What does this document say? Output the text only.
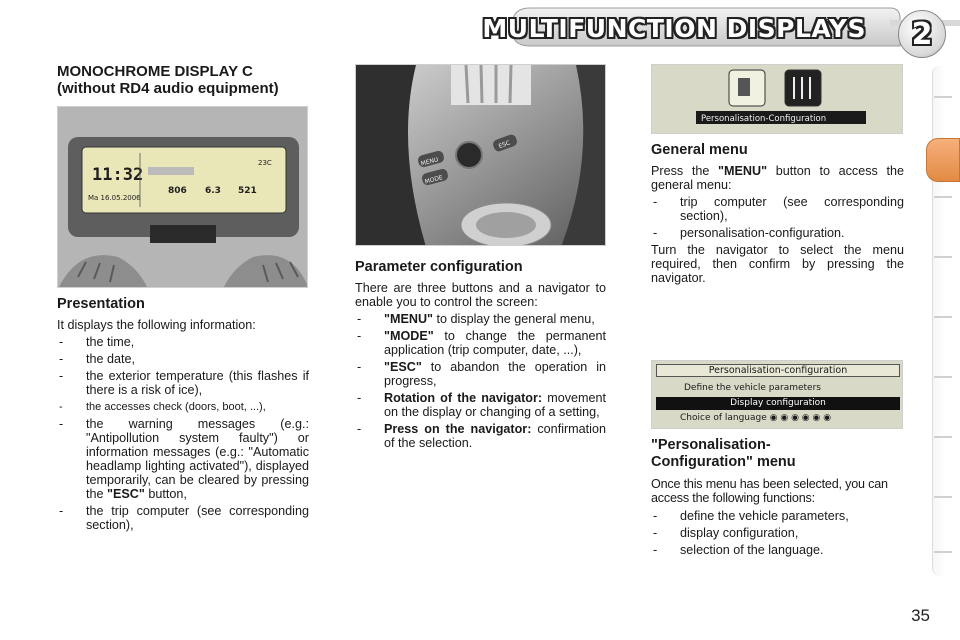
MULTIFUNCTION DISPLAYS	2
MONOCHROME DISPLAY C
(without RD4 audio equipment)
11:32
Ma 16.05.2006
23C
806 6.3 521
Presentation

It displays the following information:

- the time,
- the date,
- the exterior temperature (this flashes if there is a risk of ice),
- the accesses check (doors, boot, ...),
- the warning messages (e.g.: "Antipollution system faulty") or information messages (e.g.: "Automatic headlamp lighting activated"), displayed temporarily, can be cleared by pressing the "ESC" button,
- the trip computer (see corresponding section),
MENU
MODE
ESC
Parameter configuration

There are three buttons and a navigator to enable you to control the screen:

- "MENU" to display the general menu,
- "MODE" to change the permanent application (trip computer, date, ...),
- "ESC" to abandon the operation in progress,
- Rotation of the navigator: movement on the display or changing of a setting,
- Press on the navigator: confirmation of the selection.
Personalisation-Configuration
General menu

Press the "MENU" button to access the general menu:

- trip computer (see corresponding section),
- personalisation-configuration.

Turn the navigator to select the menu required, then confirm by pressing the navigator.

Personalisation-configuration
Define the vehicle parameters
Display configuration
Choice of language ◉ ◉ ◉ ◉ ◉ ◉
"Personalisation-
Configuration" menu

Once this menu has been selected, you can access the following functions:

- define the vehicle parameters,
- display configuration,
- selection of the language.
35
